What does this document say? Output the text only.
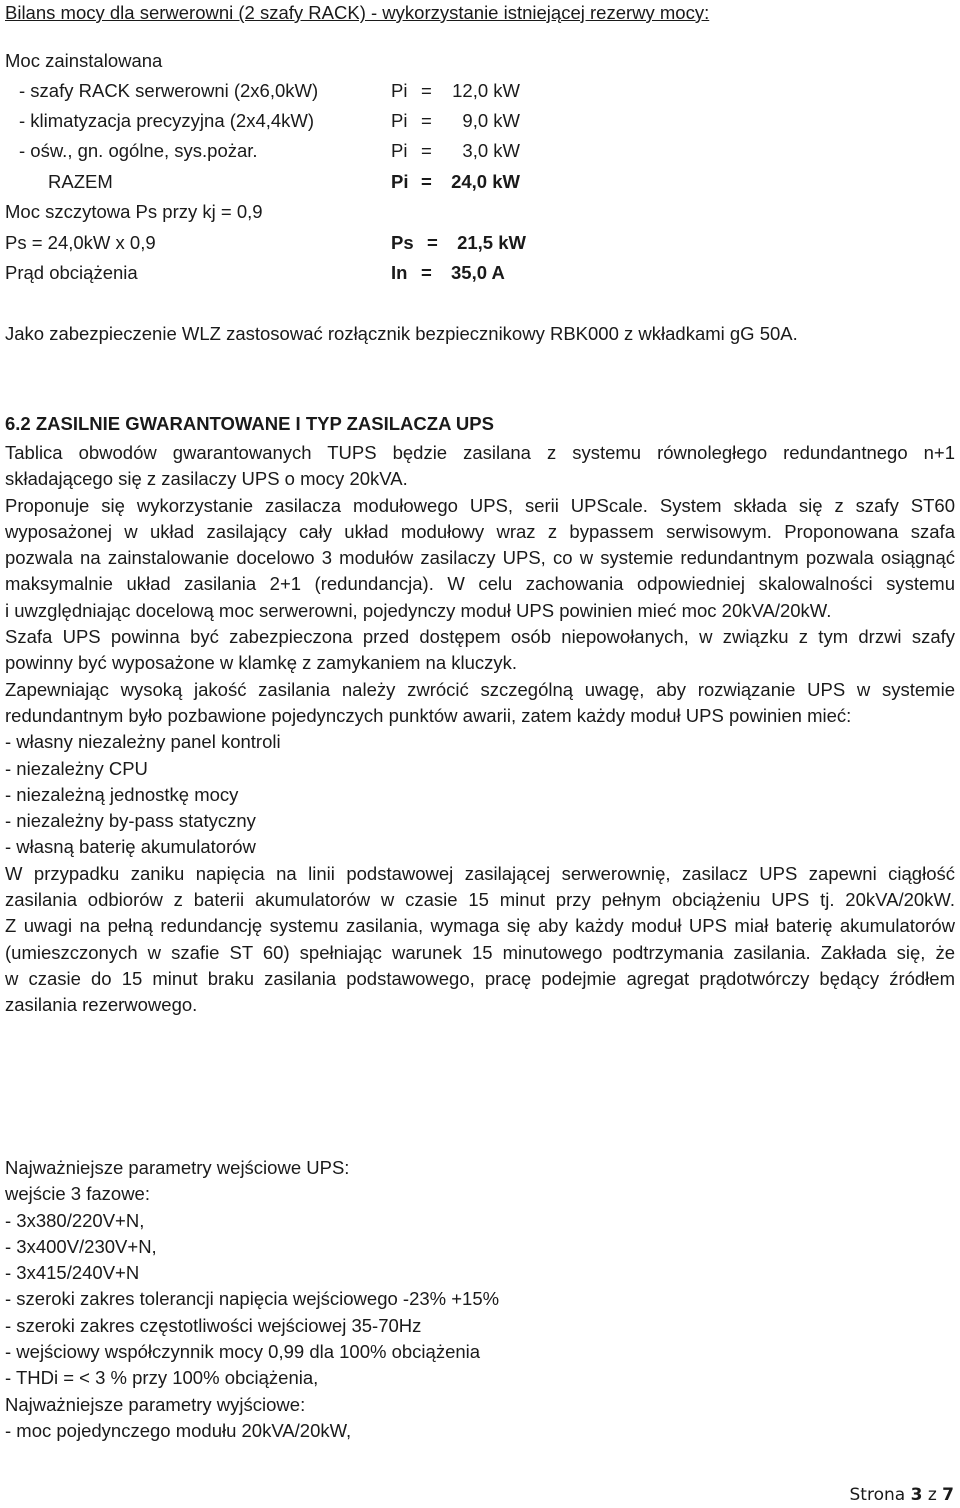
Bilans mocy dla serwerowni (2 szafy RACK) - wykorzystanie istniejącej rezerwy mocy:
Moc zainstalowana
- szafy RACK serwerowni (2x6,0kW)	Pi =	12,0 kW
- klimatyzacja precyzyjna (2x4,4kW)	Pi =	9,0 kW
- ośw., gn. ogólne, sys.pożar.	Pi =	3,0 kW
RAZEM	Pi =	24,0 kW
Moc szczytowa Ps przy kj = 0,9
Ps = 24,0kW x 0,9	Ps =	21,5 kW
Prąd obciążenia	In = 35,0 A
Jako zabezpieczenie WLZ zastosować rozłącznik bezpiecznikowy RBK000 z wkładkami gG 50A.
6.2 ZASILNIE GWARANTOWANE I TYP ZASILACZA UPS
Tablica obwodów gwarantowanych TUPS będzie zasilana z systemu równoległego redundantnego n+1
składającego się z zasilaczy UPS o mocy 20kVA.
Proponuje się wykorzystanie zasilacza modułowego UPS, serii UPScale. System składa się z szafy ST60
wyposażonej w układ zasilający cały układ modułowy wraz z bypassem serwisowym. Proponowana szafa
pozwala na zainstalowanie docelowo 3 modułów zasilaczy UPS, co w systemie redundantnym pozwala osiągnąć
maksymalnie układ zasilania 2+1 (redundancja). W celu zachowania odpowiedniej skalowalności systemu
i uwzględniając docelową moc serwerowni, pojedynczy moduł UPS powinien mieć moc 20kVA/20kW.
Szafa UPS powinna być zabezpieczona przed dostępem osób niepowołanych, w związku z tym drzwi szafy
powinny być wyposażone w klamkę z zamykaniem na kluczyk.
Zapewniając wysoką jakość zasilania należy zwrócić szczególną uwagę, aby rozwiązanie UPS w systemie
redundantnym było pozbawione pojedynczych punktów awarii, zatem każdy moduł UPS powinien mieć:
- własny niezależny panel kontroli
- niezależny CPU
- niezależną jednostkę mocy
- niezależny by-pass statyczny
- własną baterię akumulatorów
W przypadku zaniku napięcia na linii podstawowej zasilającej serwerownię, zasilacz UPS zapewni ciągłość
zasilania odbiorów z baterii akumulatorów w czasie 15 minut przy pełnym obciążeniu UPS tj. 20kVA/20kW.
Z uwagi na pełną redundancję systemu zasilania, wymaga się aby każdy moduł UPS miał baterię akumulatorów
(umieszczonych w szafie ST 60) spełniając warunek 15 minutowego podtrzymania zasilania. Zakłada się, że
w czasie do 15 minut braku zasilania podstawowego, pracę podejmie agregat prądotwórczy będący źródłem
zasilania rezerwowego.
Najważniejsze parametry wejściowe UPS:
wejście 3 fazowe:
- 3x380/220V+N,
- 3x400V/230V+N,
- 3x415/240V+N
- szeroki zakres tolerancji napięcia wejściowego -23% +15%
- szeroki zakres częstotliwości wejściowej 35-70Hz
- wejściowy współczynnik mocy 0,99 dla 100% obciążenia
- THDi = < 3 % przy 100% obciążenia,
Najważniejsze parametry wyjściowe:
- moc pojedynczego modułu 20kVA/20kW,
Strona 3 z 7
